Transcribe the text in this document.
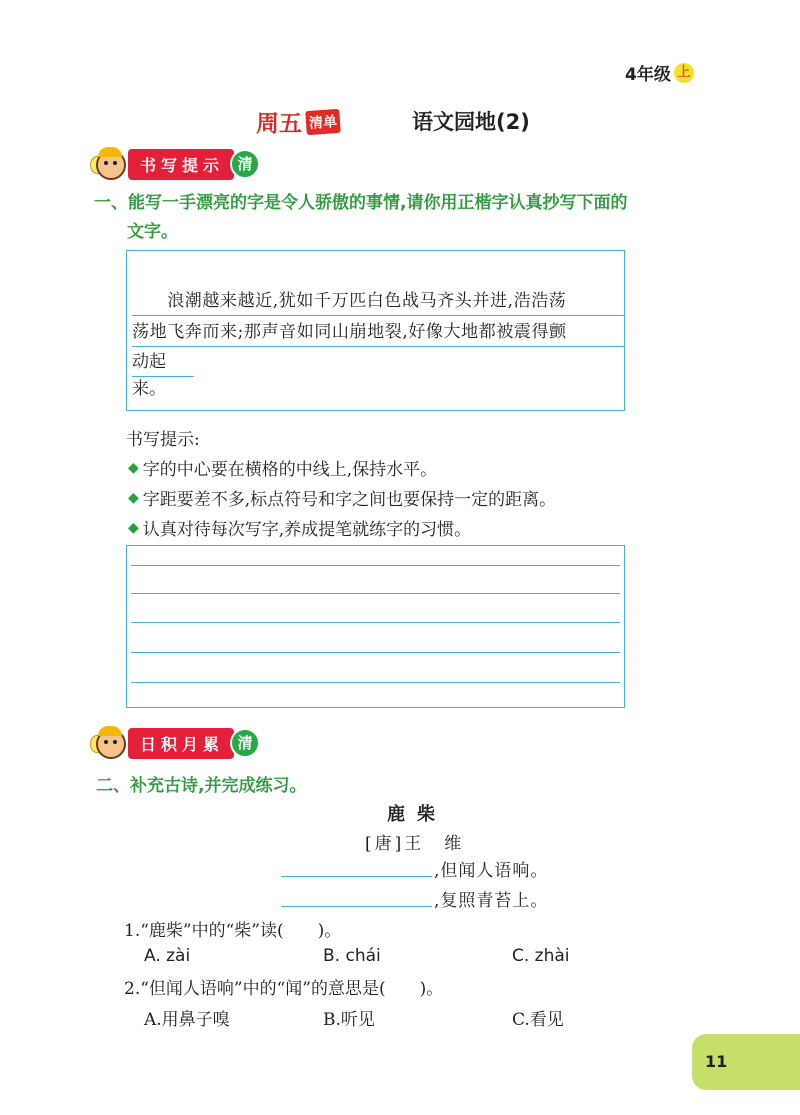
4年级 上
周五 清单	语文园地(2)
书写提示 清
一、能写一手漂亮的字是令人骄傲的事情,请你用正楷字认真抄写下面的
文字。
　　浪潮越来越近,犹如千万匹白色战马齐头并进,浩浩荡
荡地飞奔而来;那声音如同山崩地裂,好像大地都被震得颤
动起来。
书写提示:
◆ 字的中心要在横格的中线上,保持水平。
◆ 字距要差不多,标点符号和字之间也要保持一定的距离。
◆ 认真对待每次写字,养成提笔就练字的习惯。
日积月累 清
二、补充古诗,并完成练习。
鹿柴
[唐]王　维
,但闻人语响。
,复照青苔上。
1.“鹿柴”中的“柴”读(　　)。
A. zài	B. chái	C. zhài
2.“但闻人语响”中的“闻”的意思是(　　)。
A.用鼻子嗅	B.听见	C.看见
11
